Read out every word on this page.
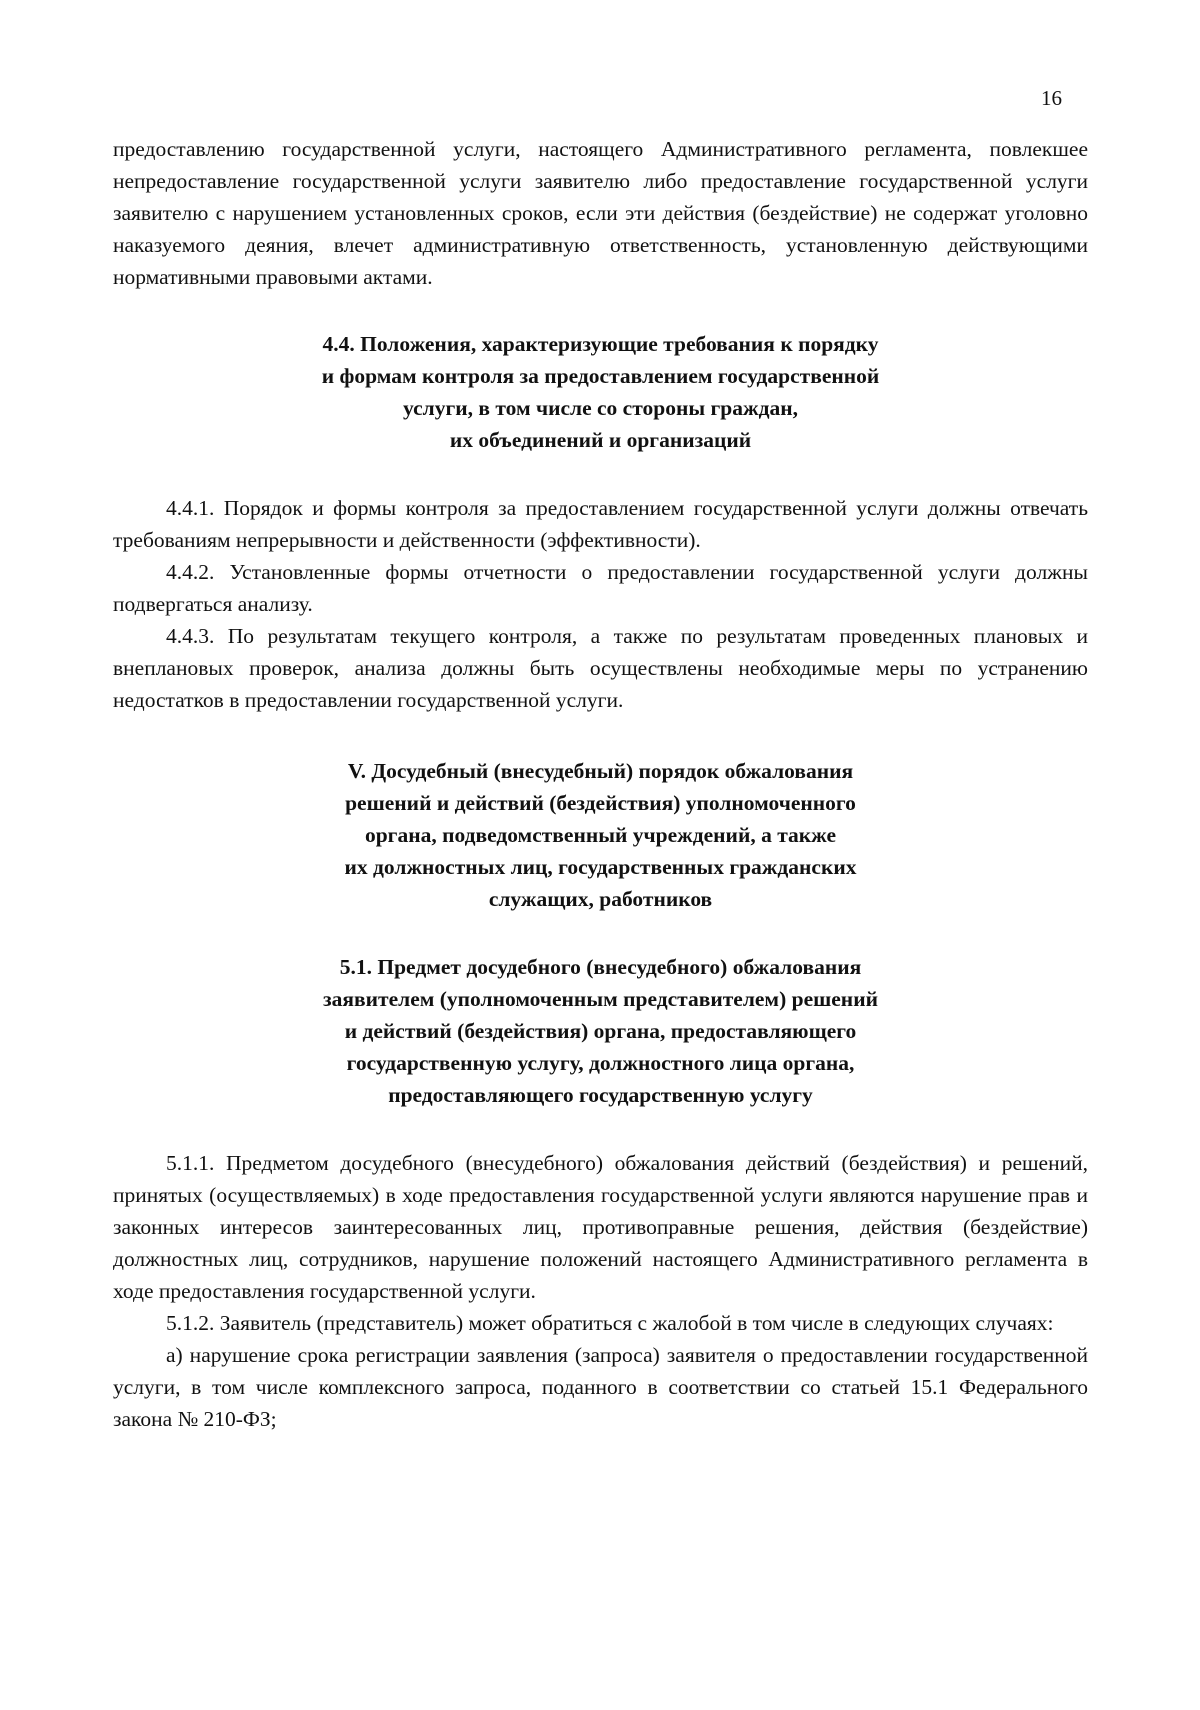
16

предоставлению государственной услуги, настоящего Административного регламента, повлекшее непредоставление государственной услуги заявителю либо предоставление государственной услуги заявителю с нарушением установленных сроков, если эти действия (бездействие) не содержат уголовно наказуемого деяния, влечет административную ответственность, установленную действующими нормативными правовыми актами.

4.4. Положения, характеризующие требования к порядку
и формам контроля за предоставлением государственной
услуги, в том числе со стороны граждан,
их объединений и организаций

4.4.1. Порядок и формы контроля за предоставлением государственной услуги должны отвечать требованиям непрерывности и действенности (эффективности).

4.4.2. Установленные формы отчетности о предоставлении государственной услуги должны подвергаться анализу.

4.4.3. По результатам текущего контроля, а также по результатам проведенных плановых и внеплановых проверок, анализа должны быть осуществлены необходимые меры по устранению недостатков в предоставлении государственной услуги.

V. Досудебный (внесудебный) порядок обжалования
решений и действий (бездействия) уполномоченного
органа, подведомственный учреждений, а также
их должностных лиц, государственных гражданских
служащих, работников
5.1. Предмет досудебного (внесудебного) обжалования
заявителем (уполномоченным представителем) решений
и действий (бездействия) органа, предоставляющего
государственную услугу, должностного лица органа,
предоставляющего государственную услугу

5.1.1. Предметом досудебного (внесудебного) обжалования действий (бездействия) и решений, принятых (осуществляемых) в ходе предоставления государственной услуги являются нарушение прав и законных интересов заинтересованных лиц, противоправные решения, действия (бездействие) должностных лиц, сотрудников, нарушение положений настоящего Административного регламента в ходе предоставления государственной услуги.

5.1.2. Заявитель (представитель) может обратиться с жалобой в том числе в следующих случаях:

а) нарушение срока регистрации заявления (запроса) заявителя о предоставлении государственной услуги, в том числе комплексного запроса, поданного в соответствии со статьей 15.1 Федерального закона № 210-ФЗ;
